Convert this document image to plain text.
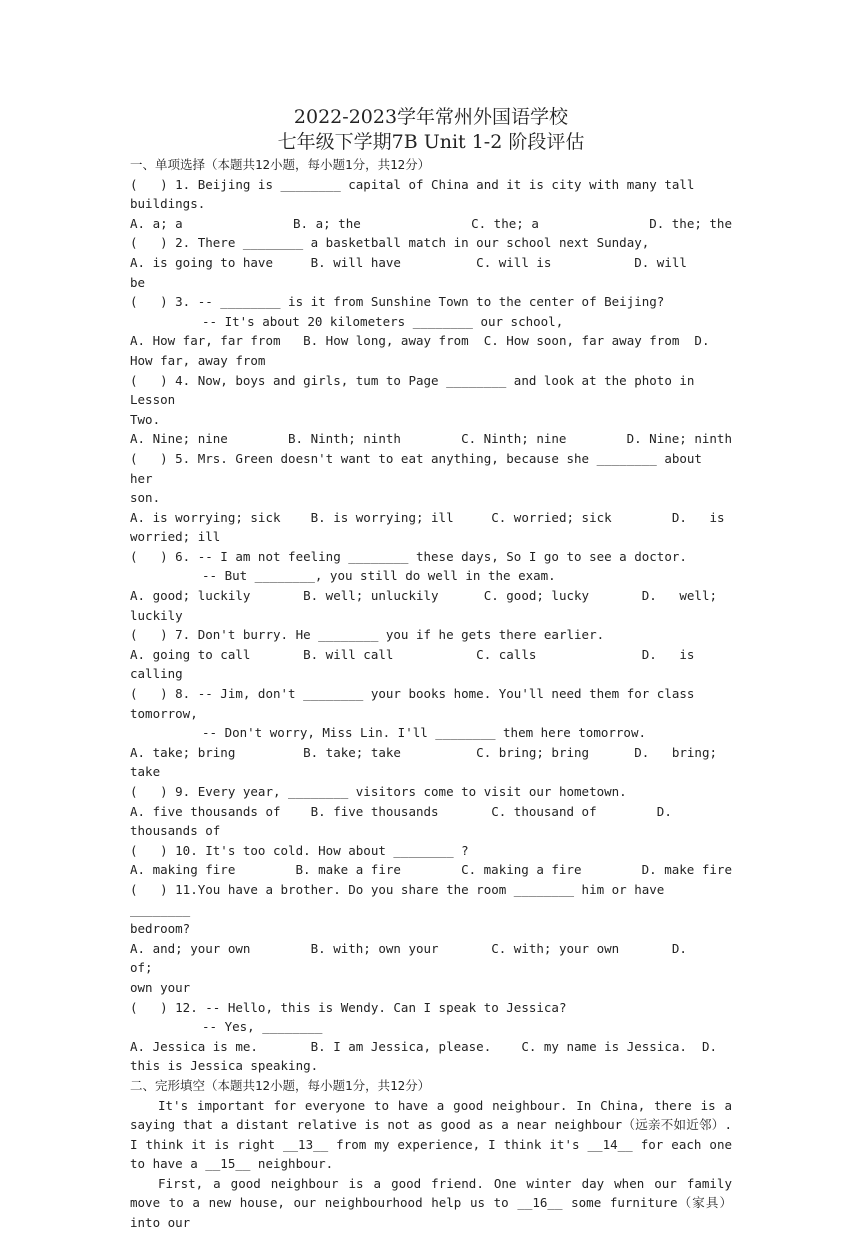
2022-2023学年常州外国语学校

七年级下学期7B Unit 1-2 阶段评估

一、单项选择（本题共12小题，每小题1分，共12分）

(   ) 1. Beijing is ________ capital of China and it is city with many tall buildings.

A. a; a	B. a; the	C. the; a	D. the; the

(   ) 2. There ________ a basketball match in our school next Sunday,

A. is going to have     B. will have          C. will is           D. will

be

(   ) 3. -- ________ is it from Sunshine Town to the center of Beijing?

-- It's about 20 kilometers ________ our school,

A. How far, far from   B. How long, away from  C. How soon, far away from  D.

How far, away from

(   ) 4. Now, boys and girls, tum to Page ________ and look at the photo in Lesson

Two.

A. Nine; nine	B. Ninth; ninth	C. Ninth; nine	D. Nine; ninth

(   ) 5. Mrs. Green doesn't want to eat anything, because she ________ about her

son.

A. is worrying; sick    B. is worrying; ill     C. worried; sick        D.   is

worried; ill

(   ) 6. -- I am not feeling ________ these days, So I go to see a doctor.

-- But ________, you still do well in the exam.

A. good; luckily       B. well; unluckily      C. good; lucky       D.   well;

luckily

(   ) 7. Don't burry. He ________ you if he gets there earlier.

A. going to call       B. will call           C. calls              D.   is

calling

(   ) 8. -- Jim, don't ________ your books home. You'll need them for class tomorrow,

-- Don't worry, Miss Lin. I'll ________ them here tomorrow.

A. take; bring         B. take; take          C. bring; bring      D.   bring;

take

(   ) 9. Every year, ________ visitors come to visit our hometown.

A. five thousands of    B. five thousands       C. thousand of        D.

thousands of

(   ) 10. It's too cold. How about ________ ?

A. making fire	B. make a fire	C. making a fire	D. make fire

(   ) 11.You have a brother. Do you share the room ________ him or have ________

bedroom?

A. and; your own        B. with; own your       C. with; your own       D.   of;

own your

(   ) 12. -- Hello, this is Wendy. Can I speak to Jessica?

-- Yes, ________

A. Jessica is me.       B. I am Jessica, please.    C. my name is Jessica.  D.

this is Jessica speaking.

二、完形填空（本题共12小题，每小题1分，共12分）

It's important for everyone to have a good neighbour. In China, there is a saying that a distant relative is not as good as a near neighbour（远亲不如近邻）. I think it is right __13__ from my experience, I think it's __14__ for each one to have a __15__ neighbour.

First, a good neighbour is a good friend. One winter day when our family move to a new house, our neighbourhood help us to __16__ some furniture（家具） into our
